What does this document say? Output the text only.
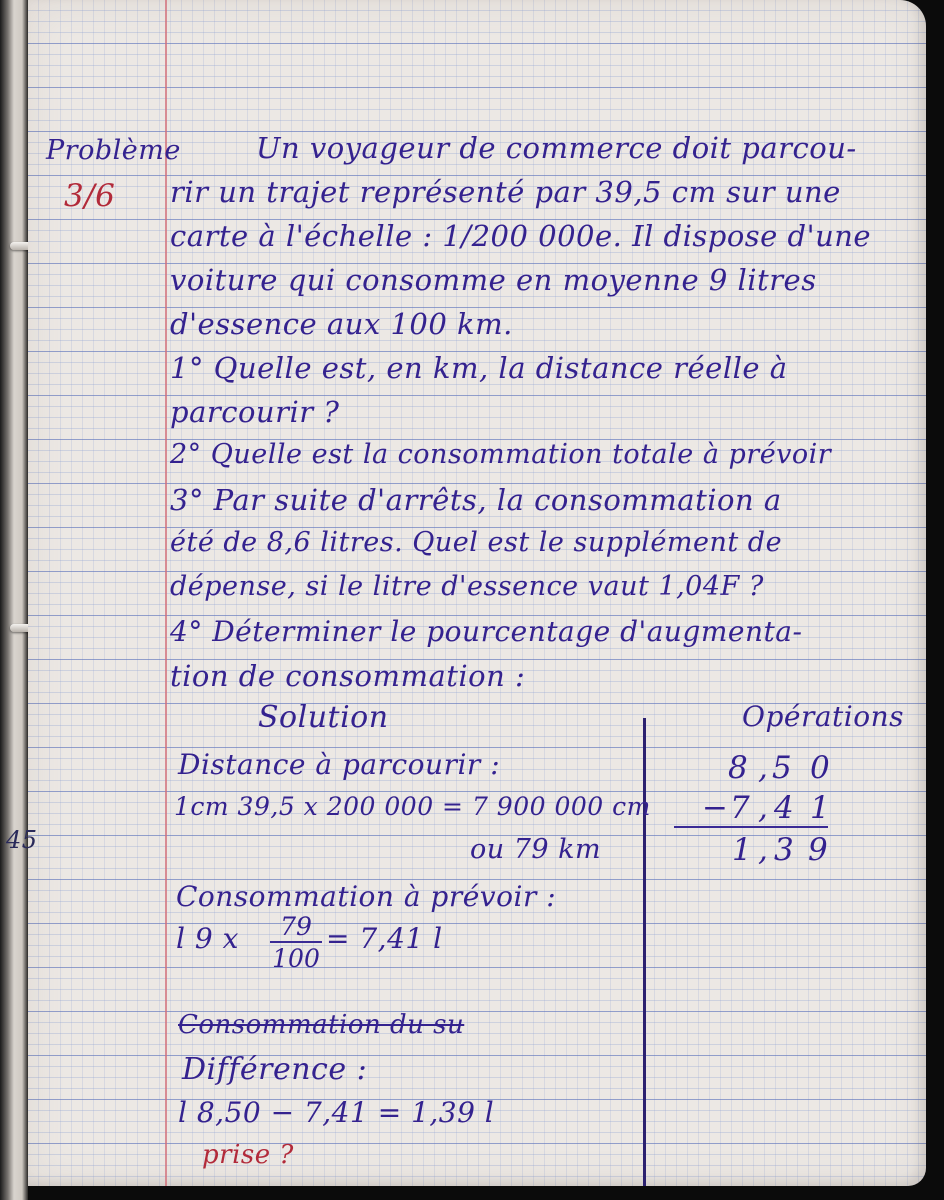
Problème

3/6

45

Un voyageur de commerce doit parcou-

rir un trajet représenté par 39,5 cm sur une

carte à l'échelle : 1/200 000e. Il dispose d'une

voiture qui consomme en moyenne 9 litres

d'essence aux 100 km.

1° Quelle est, en km, la distance réelle à

parcourir ?

2° Quelle est la consommation totale à prévoir

3° Par suite d'arrêts, la consommation a

été de 8,6 litres. Quel est le supplément de

dépense, si le litre d'essence vaut 1,04F ?

4° Déterminer le pourcentage d'augmenta-

tion de consommation :

Solution	Opérations

Distance à parcourir :

1cm 39,5 x 200 000 = 7 900 000 cm

ou 79 km

Consommation à prévoir :

l 9 x	79
100

= 7,41 l

Consommation du su

Différence :

l 8,50 − 7,41 = 1,39 l

prise ?

8 , 5 0
− 7 , 4 1
1 , 3 9
